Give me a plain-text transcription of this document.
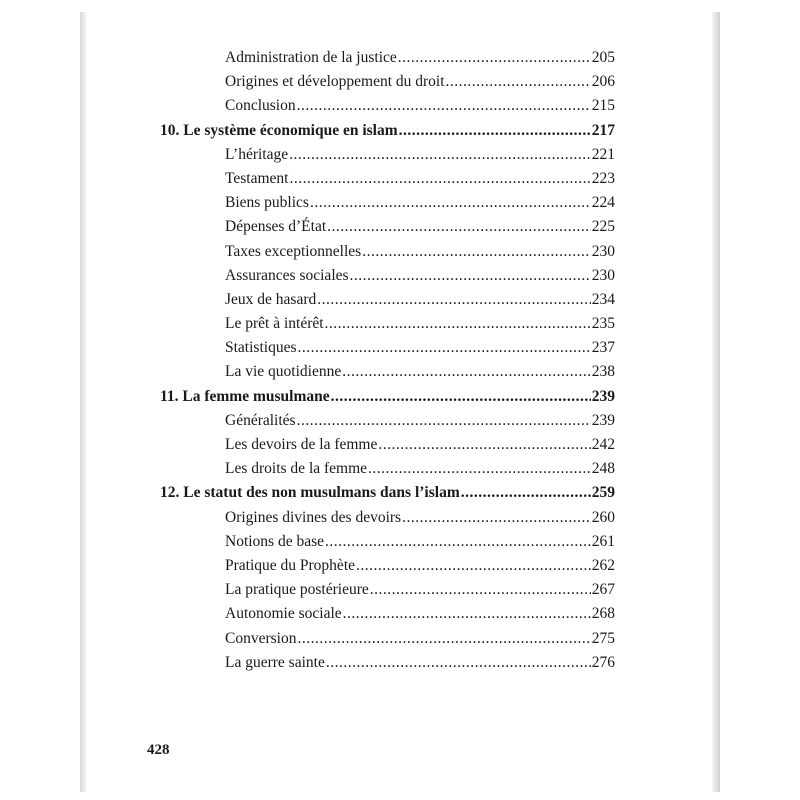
Administration de la justice .....	205
Origines et développement du droit .....	206
Conclusion .....	215
10. Le système économique en islam .....	217
L’héritage .....	221
Testament .....	223
Biens publics .....	224
Dépenses d’État .....	225
Taxes exceptionnelles .....	230
Assurances sociales .....	230
Jeux de hasard .....	234
Le prêt à intérêt .....	235
Statistiques .....	237
La vie quotidienne .....	238
11. La femme musulmane .....	239
Généralités .....	239
Les devoirs de la femme .....	242
Les droits de la femme .....	248
12. Le statut des non musulmans dans l’islam .....	259
Origines divines des devoirs .....	260
Notions de base .....	261
Pratique du Prophète .....	262
La pratique postérieure .....	267
Autonomie sociale .....	268
Conversion .....	275
La guerre sainte .....	276
428
